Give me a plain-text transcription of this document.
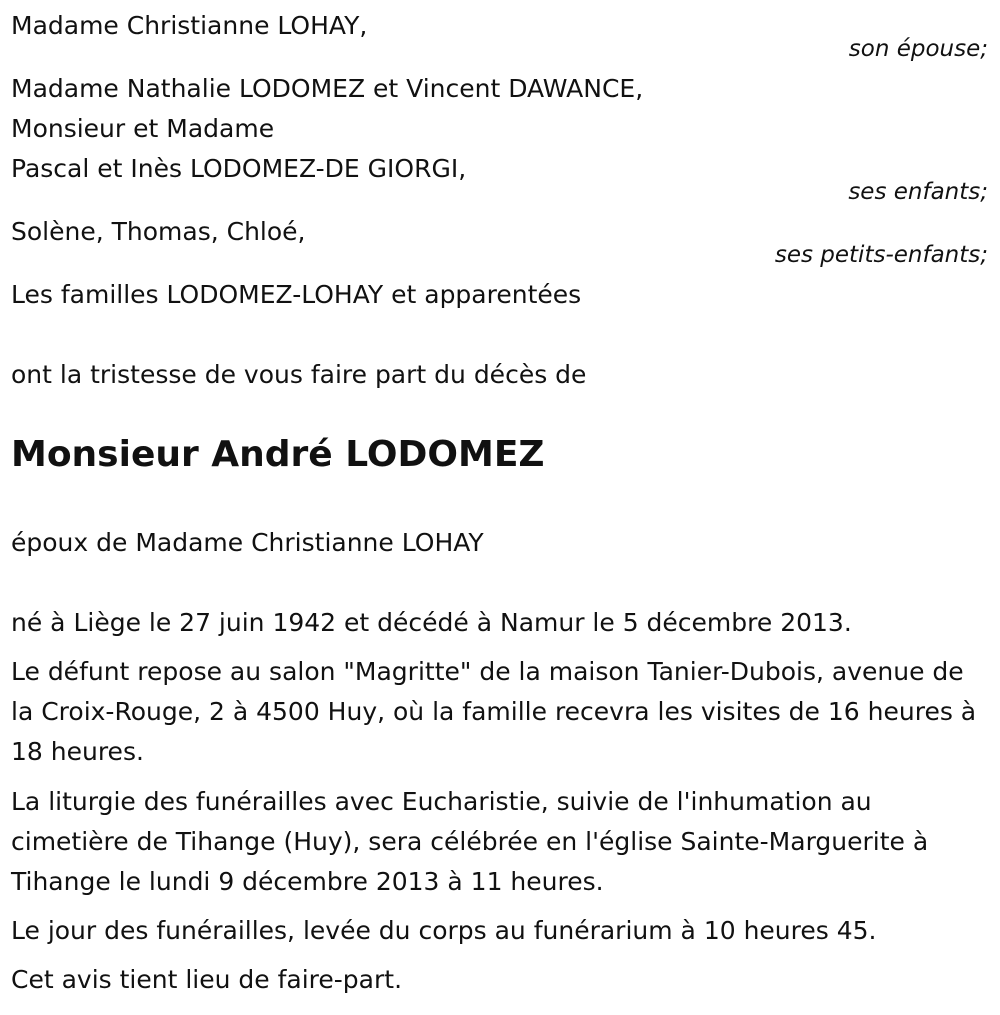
Madame Christianne LOHAY,

son épouse;

Madame Nathalie LODOMEZ et Vincent DAWANCE,

Monsieur et Madame

Pascal et Inès LODOMEZ-DE GIORGI,

ses enfants;

Solène, Thomas, Chloé,

ses petits-enfants;

Les familles LODOMEZ-LOHAY et apparentées

ont la tristesse de vous faire part du décès de

Monsieur André LODOMEZ

époux de Madame Christianne LOHAY

né à Liège le 27 juin 1942 et décédé à Namur le 5 décembre 2013.

Le défunt repose au salon "Magritte" de la maison Tanier-Dubois, avenue de la Croix-Rouge, 2 à 4500 Huy, où la famille recevra les visites de 16 heures à 18 heures.

La liturgie des funérailles avec Eucharistie, suivie de l'inhumation au cimetière de Tihange (Huy), sera célébrée en l'église Sainte-Marguerite à Tihange le lundi 9 décembre 2013 à 11 heures.

Le jour des funérailles, levée du corps au funérarium à 10 heures 45.

Cet avis tient lieu de faire-part.
